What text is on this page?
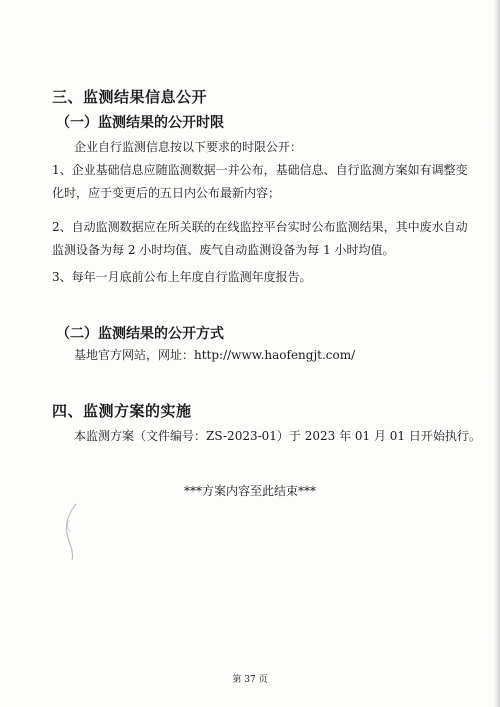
三、监测结果信息公开
（一）监测结果的公开时限
企业自行监测信息按以下要求的时限公开：
1、企业基础信息应随监测数据一并公布，基础信息、自行监测方案如有调整变
化时，应于变更后的五日内公布最新内容；
2、自动监测数据应在所关联的在线监控平台实时公布监测结果，其中废水自动
监测设备为每 2 小时均值、废气自动监测设备为每 1 小时均值。
3、每年一月底前公布上年度自行监测年度报告。
（二）监测结果的公开方式
基地官方网站，网址：http://www.haofengjt.com/
四、监测方案的实施
本监测方案（文件编号：ZS-2023-01）于 2023 年 01 月 01 日开始执行。
***方案内容至此结束***
第 37 页
